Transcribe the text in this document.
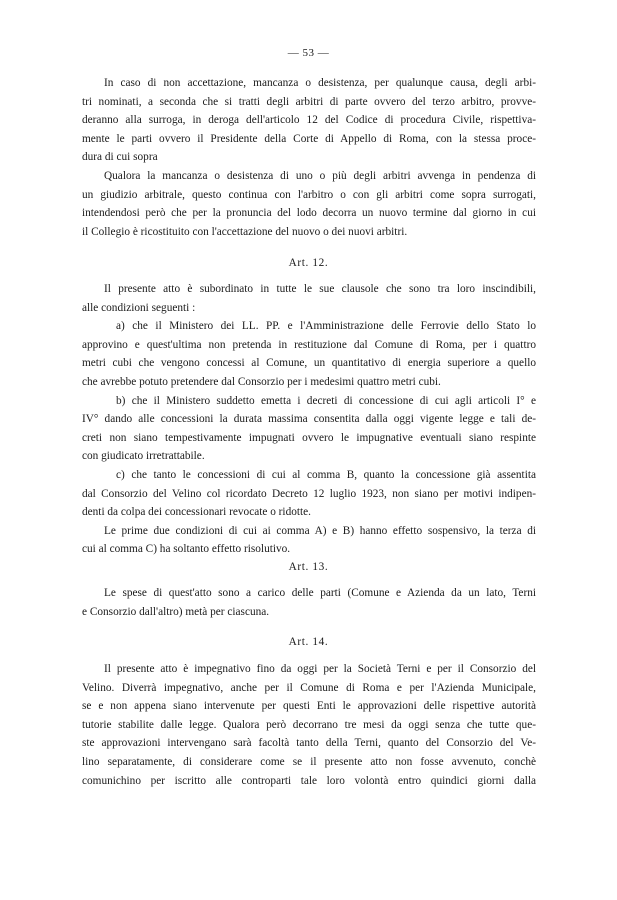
— 53 —
In caso di non accettazione, mancanza o desistenza, per qualunque causa, degli arbi-
tri nominati, a seconda che si tratti degli arbitri di parte ovvero del terzo arbitro, provve-
deranno alla surroga, in deroga dell'articolo 12 del Codice di procedura Civile, rispettiva-
mente le parti ovvero il Presidente della Corte di Appello di Roma, con la stessa proce-
dura di cui sopra
Qualora la mancanza o desistenza di uno o più degli arbitri avvenga in pendenza di
un giudizio arbitrale, questo continua con l'arbitro o con gli arbitri come sopra surrogati,
intendendosi però che per la pronuncia del lodo decorra un nuovo termine dal giorno in cui
il Collegio è ricostituito con l'accettazione del nuovo o dei nuovi arbitri.
Art. 12.
Il presente atto è subordinato in tutte le sue clausole che sono tra loro inscindibili,
alle condizioni seguenti :
a) che il Ministero dei LL. PP. e l'Amministrazione delle Ferrovie dello Stato lo
approvino e quest'ultima non pretenda in restituzione dal Comune di Roma, per i quattro
metri cubi che vengono concessi al Comune, un quantitativo di energia superiore a quello
che avrebbe potuto pretendere dal Consorzio per i medesimi quattro metri cubi.
b) che il Ministero suddetto emetta i decreti di concessione di cui agli articoli I° e
IV° dando alle concessioni la durata massima consentita dalla oggi vigente legge e tali de-
creti non siano tempestivamente impugnati ovvero le impugnative eventuali siano respinte
con giudicato irretrattabile.
c) che tanto le concessioni di cui al comma B, quanto la concessione già assentita
dal Consorzio del Velino col ricordato Decreto 12 luglio 1923, non siano per motivi indipen-
denti da colpa dei concessionari revocate o ridotte.
Le prime due condizioni di cui ai comma A) e B) hanno effetto sospensivo, la terza di
cui al comma C) ha soltanto effetto risolutivo.
Art. 13.
Le spese di quest'atto sono a carico delle parti (Comune e Azienda da un lato, Terni
e Consorzio dall'altro) metà per ciascuna.
Art. 14.
Il presente atto è impegnativo fino da oggi per la Società Terni e per il Consorzio del
Velino. Diverrà impegnativo, anche per il Comune di Roma e per l'Azienda Municipale,
se e non appena siano intervenute per questi Enti le approvazioni delle rispettive autorità
tutorie stabilite dalle legge. Qualora però decorrano tre mesi da oggi senza che tutte que-
ste approvazioni intervengano sarà facoltà tanto della Terni, quanto del Consorzio del Ve-
lino separatamente, di considerare come se il presente atto non fosse avvenuto, conchè
comunichino per iscritto alle controparti tale loro volontà entro quindici giorni dalla
